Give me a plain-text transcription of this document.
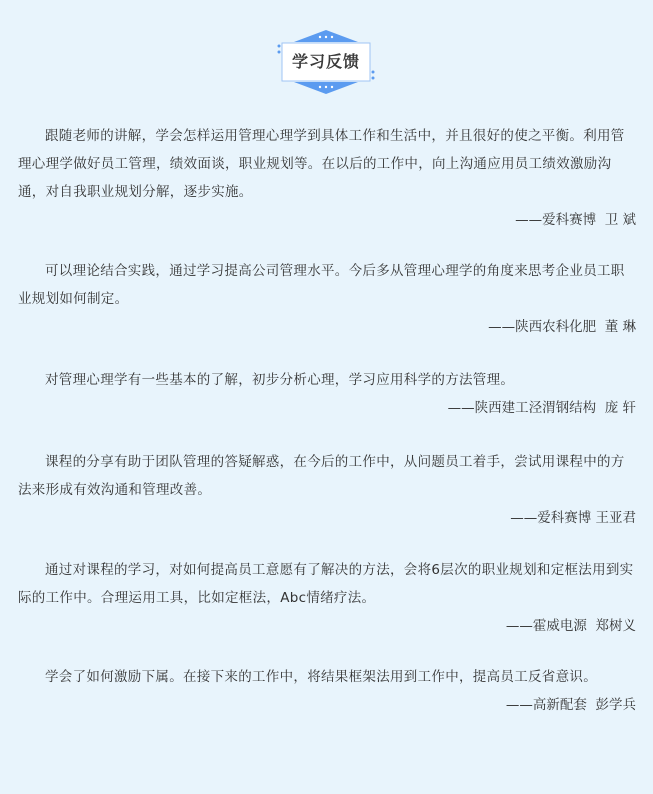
学习反馈

跟随老师的讲解，学会怎样运用管理心理学到具体工作和生活中，并且很好的使之平衡。利用管理心理学做好员工管理，绩效面谈，职业规划等。在以后的工作中，向上沟通应用员工绩效激励沟通，对自我职业规划分解，逐步实施。

——爱科赛博  卫 斌

可以理论结合实践，通过学习提高公司管理水平。今后多从管理心理学的角度来思考企业员工职业规划如何制定。

——陕西农科化肥  董 琳

对管理心理学有一些基本的了解，初步分析心理，学习应用科学的方法管理。

——陕西建工泾渭钢结构  庞 轩

课程的分享有助于团队管理的答疑解惑，在今后的工作中，从问题员工着手，尝试用课程中的方法来形成有效沟通和管理改善。

——爱科赛博 王亚君

通过对课程的学习，对如何提高员工意愿有了解决的方法，会将6层次的职业规划和定框法用到实际的工作中。合理运用工具，比如定框法，Abc情绪疗法。

——霍威电源  郑树义

学会了如何激励下属。在接下来的工作中，将结果框架法用到工作中，提高员工反省意识。

——高新配套  彭学兵
